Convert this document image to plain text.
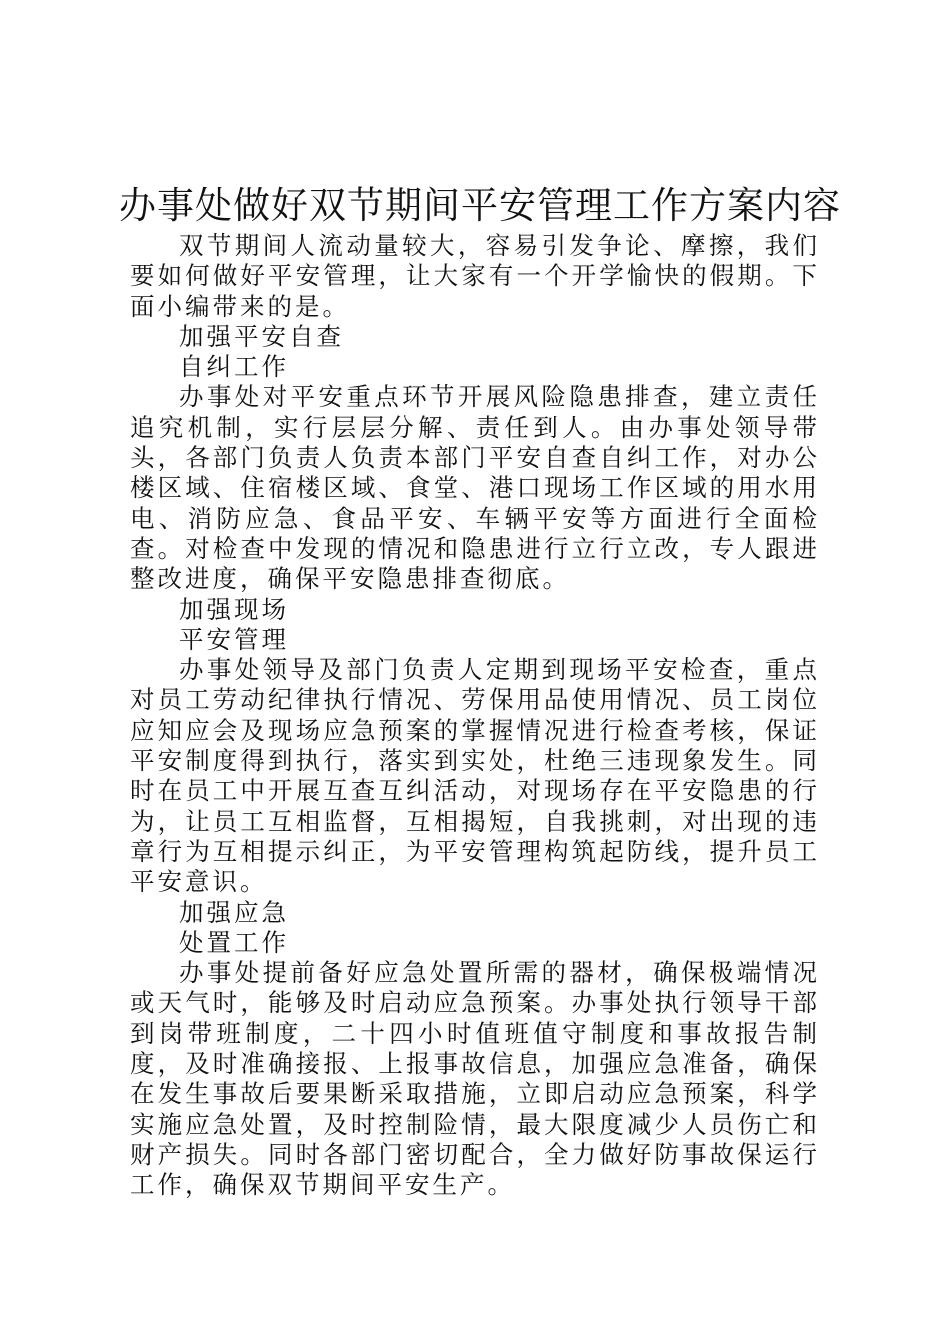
办事处做好双节期间平安管理工作方案内容

双节期间人流动量较大，容易引发争论、摩擦，我们要如何做好平安管理，让大家有一个开学愉快的假期。下面小编带来的是。

加强平安自查

自纠工作

办事处对平安重点环节开展风险隐患排查，建立责任追究机制，实行层层分解、责任到人。由办事处领导带头，各部门负责人负责本部门平安自查自纠工作，对办公楼区域、住宿楼区域、食堂、港口现场工作区域的用水用电、消防应急、食品平安、车辆平安等方面进行全面检查。对检查中发现的情况和隐患进行立行立改，专人跟进整改进度，确保平安隐患排查彻底。

加强现场

平安管理

办事处领导及部门负责人定期到现场平安检查，重点对员工劳动纪律执行情况、劳保用品使用情况、员工岗位应知应会及现场应急预案的掌握情况进行检查考核，保证平安制度得到执行，落实到实处，杜绝三违现象发生。同时在员工中开展互查互纠活动，对现场存在平安隐患的行为，让员工互相监督，互相揭短，自我挑刺，对出现的违章行为互相提示纠正，为平安管理构筑起防线，提升员工平安意识。

加强应急

处置工作

办事处提前备好应急处置所需的器材，确保极端情况或天气时，能够及时启动应急预案。办事处执行领导干部到岗带班制度，二十四小时值班值守制度和事故报告制度，及时准确接报、上报事故信息，加强应急准备，确保在发生事故后要果断采取措施，立即启动应急预案，科学实施应急处置，及时控制险情，最大限度减少人员伤亡和财产损失。同时各部门密切配合，全力做好防事故保运行工作，确保双节期间平安生产。
